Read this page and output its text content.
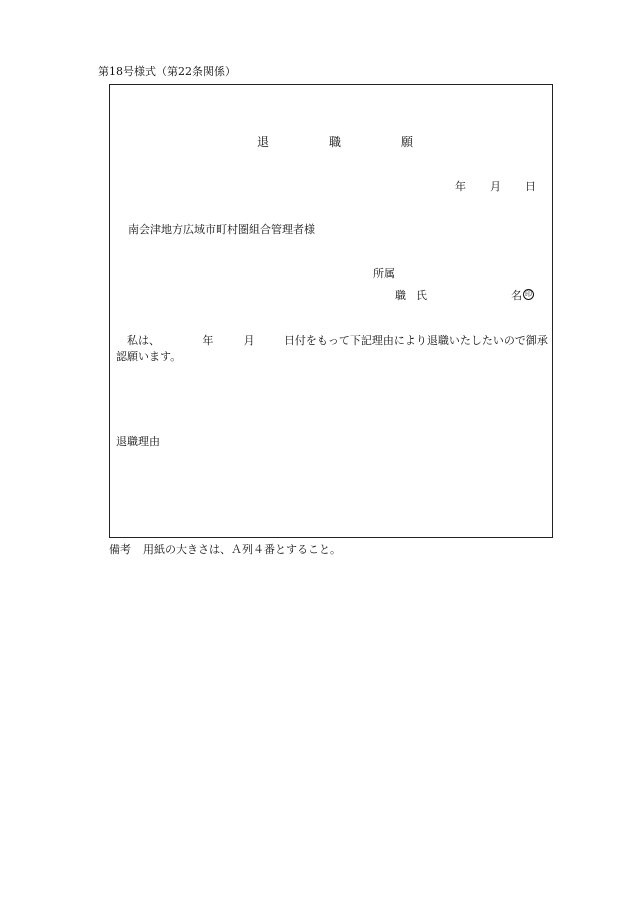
第18号様式（第22条関係）
退	職	願
年 月 日
南会津地方広域市町村圏組合管理者様
所属
職 氏	名 印
私は、	年	月	日付をもって下記理由により退職いたしたいので御承
認願います。
退職理由
備考 用紙の大きさは、Ａ列４番とすること。
